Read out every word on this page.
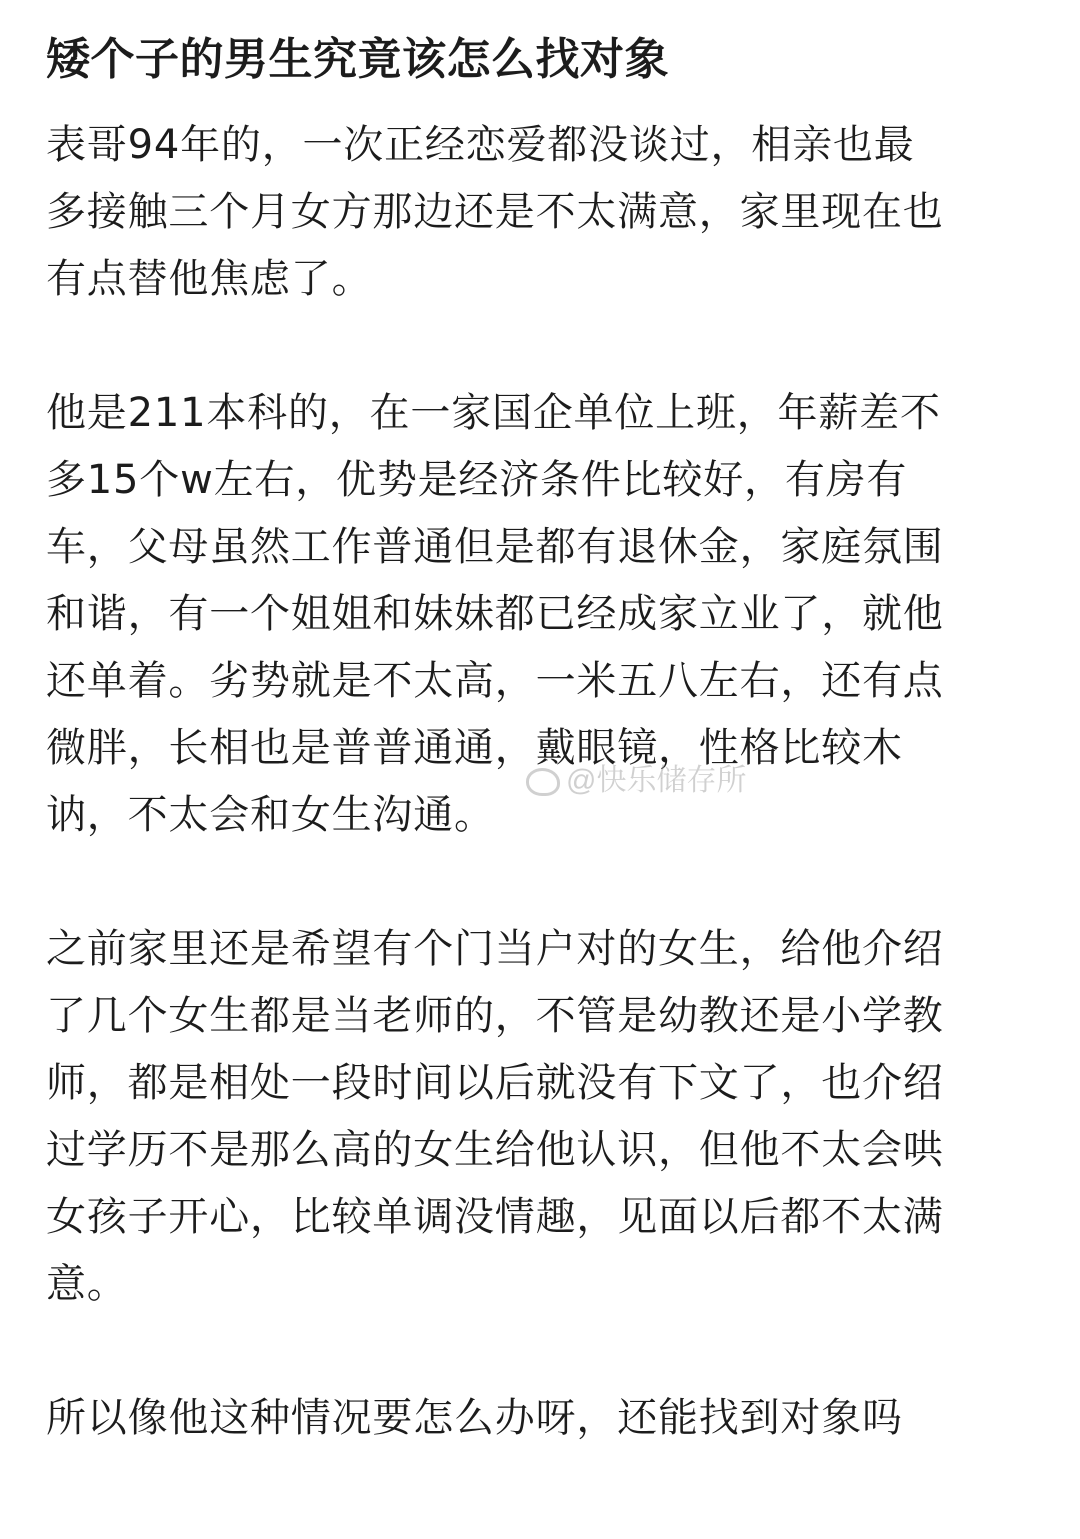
矮个子的男生究竟该怎么找对象

表哥94年的，一次正经恋爱都没谈过，相亲也最
多接触三个月女方那边还是不太满意，家里现在也
有点替他焦虑了。

他是211本科的，在一家国企单位上班，年薪差不
多15个w左右，优势是经济条件比较好，有房有
车，父母虽然工作普通但是都有退休金，家庭氛围
和谐，有一个姐姐和妹妹都已经成家立业了，就他
还单着。劣势就是不太高，一米五八左右，还有点
微胖，长相也是普普通通，戴眼镜，性格比较木
讷，不太会和女生沟通。

之前家里还是希望有个门当户对的女生，给他介绍
了几个女生都是当老师的，不管是幼教还是小学教
师，都是相处一段时间以后就没有下文了，也介绍
过学历不是那么高的女生给他认识，但他不太会哄
女孩子开心，比较单调没情趣，见面以后都不太满
意。

所以像他这种情况要怎么办呀，还能找到对象吗

@快乐储存所
